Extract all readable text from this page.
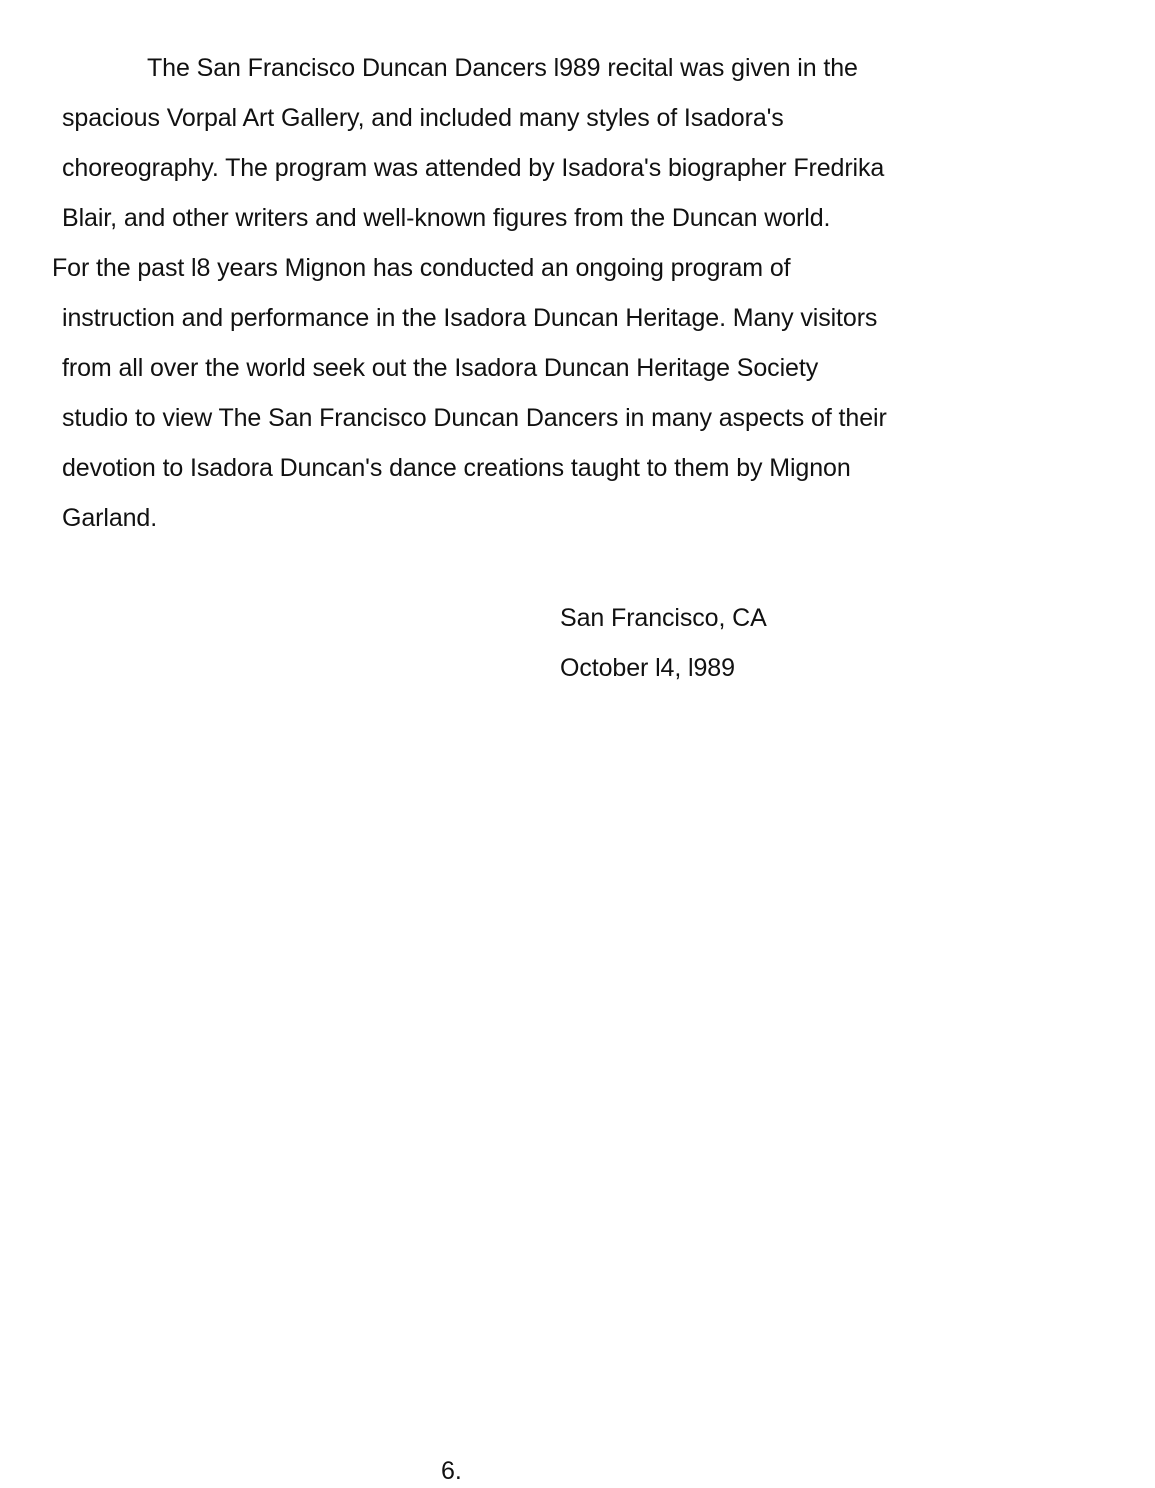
The San Francisco Duncan Dancers l989 recital was given in the
spacious Vorpal Art Gallery, and included many styles of Isadora's
choreography. The program was attended by Isadora's biographer Fredrika
Blair, and other writers and well-known figures from the Duncan world.
For the past l8 years Mignon has conducted an ongoing program of
instruction and performance in the Isadora Duncan Heritage. Many visitors
from all over the world seek out the Isadora Duncan Heritage Society
studio to view The San Francisco Duncan Dancers in many aspects of their
devotion to Isadora Duncan's dance creations taught to them by Mignon
Garland.
San Francisco, CA
October l4, l989
6.
